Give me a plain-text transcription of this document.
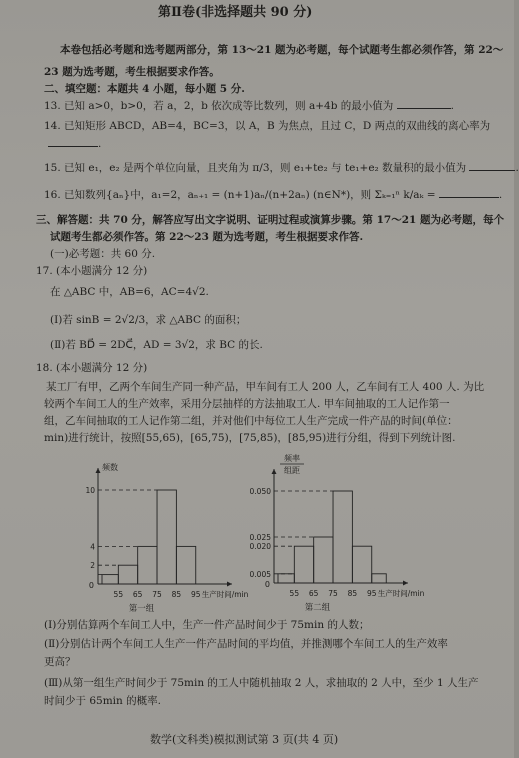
第Ⅱ卷(非选择题共 90 分)
本卷包括必考题和选考题两部分，第 13～21 题为必考题，每个试题考生都必须作答，第 22～
23 题为选考题，考生根据要求作答。
二、填空题：本题共 4 小题，每小题 5 分.
13. 已知 a>0，b>0，若 a，2，b 依次成等比数列，则 a+4b 的最小值为	.
14. 已知矩形 ABCD，AB=4，BC=3，以 A，B 为焦点，且过 C，D 两点的双曲线的离心率为
.
15. 已知 e₁，e₂ 是两个单位向量，且夹角为 π/3，则 e₁+te₂ 与 te₁+e₂ 数量积的最小值为	.
16. 已知数列{aₙ}中，a₁=2，aₙ₊₁ = (n+1)aₙ/(n+2aₙ) (n∈N*)，则 Σₖ₌₁ⁿ k/aₖ =	.
三、解答题：共 70 分，解答应写出文字说明、证明过程或演算步骤。第 17～21 题为必考题，每个
试题考生都必须作答。第 22～23 题为选考题，考生根据要求作答.
(一)必考题：共 60 分.
17. (本小题满分 12 分)
在 △ABC 中，AB=6，AC=4√2.
(Ⅰ)若 sinB = 2√2/3，求 △ABC 的面积；
(Ⅱ)若 BD⃗ = 2DC⃗，AD = 3√2，求 BC 的长.
18. (本小题满分 12 分)
某工厂有甲，乙两个车间生产同一种产品，甲车间有工人 200 人，乙车间有工人 400 人. 为比
较两个车间工人的生产效率，采用分层抽样的方法抽取工人. 甲车间抽取的工人记作第一
组，乙车间抽取的工人记作第二组，并对他们中每位工人生产完成一件产品的时间(单位：
min)进行统计，按照[55,65)，[65,75)，[75,85)，[85,95)进行分组，得到下列统计图.
0
10
4
2
55 65 75 85 95 生产时间/min
第一组
频数
0
0.050
0.025
0.020
0.005
55 65 75 85 95 生产时间/min
第二组
频率
组距
(Ⅰ)分别估算两个车间工人中，生产一件产品时间少于 75min 的人数；
(Ⅱ)分别估计两个车间工人生产一件产品时间的平均值，并推测哪个车间工人的生产效率
更高？
(Ⅲ)从第一组生产时间少于 75min 的工人中随机抽取 2 人，求抽取的 2 人中，至少 1 人生产
时间少于 65min 的概率.
数学(文科类)模拟测试第 3 页(共 4 页)
